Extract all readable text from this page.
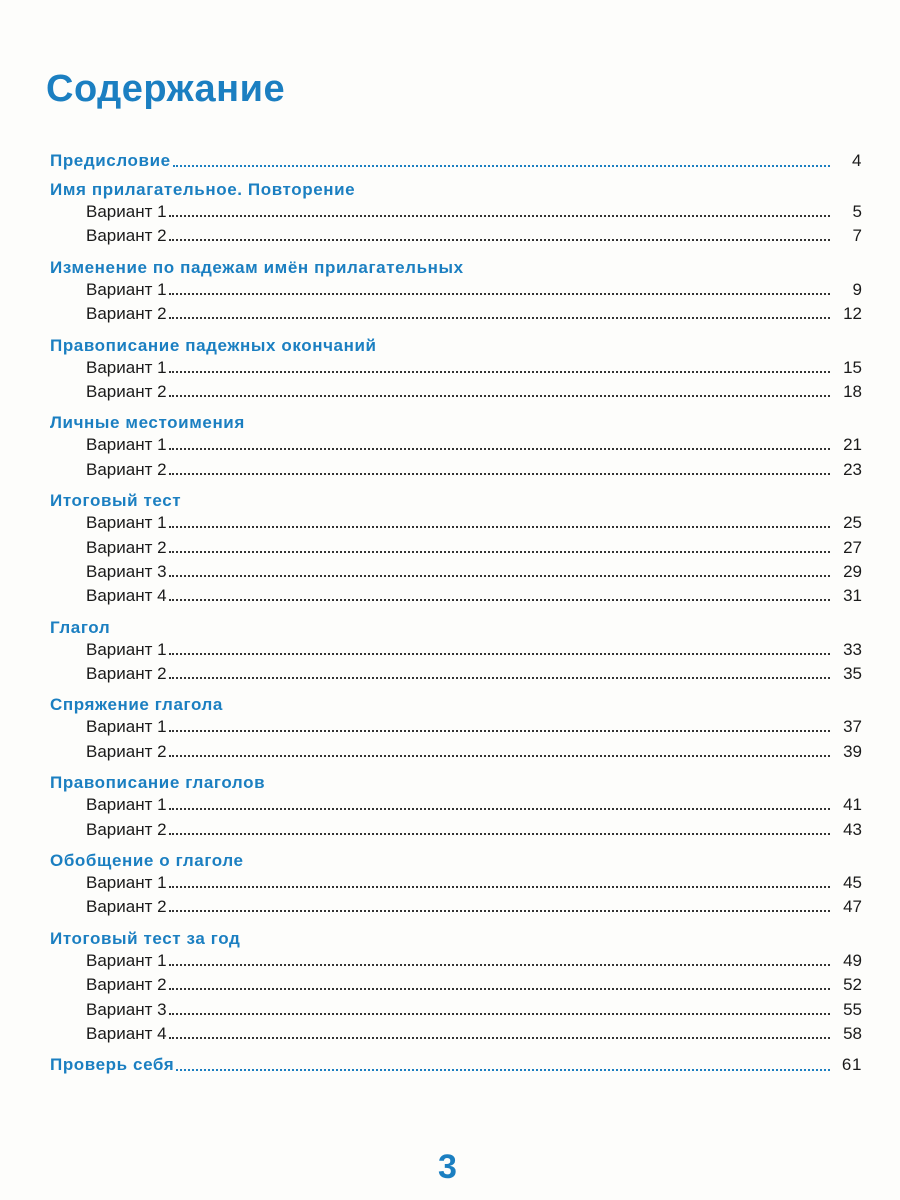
Содержание
Предисловие	4
Имя прилагательное. Повторение
Вариант 1	5
Вариант 2	7
Изменение по падежам имён прилагательных
Вариант 1	9
Вариант 2	12
Правописание падежных окончаний
Вариант 1	15
Вариант 2	18
Личные местоимения
Вариант 1	21
Вариант 2	23
Итоговый тест
Вариант 1	25
Вариант 2	27
Вариант 3	29
Вариант 4	31
Глагол
Вариант 1	33
Вариант 2	35
Спряжение глагола
Вариант 1	37
Вариант 2	39
Правописание глаголов
Вариант 1	41
Вариант 2	43
Обобщение о глаголе
Вариант 1	45
Вариант 2	47
Итоговый тест за год
Вариант 1	49
Вариант 2	52
Вариант 3	55
Вариант 4	58
Проверь себя	61
3
